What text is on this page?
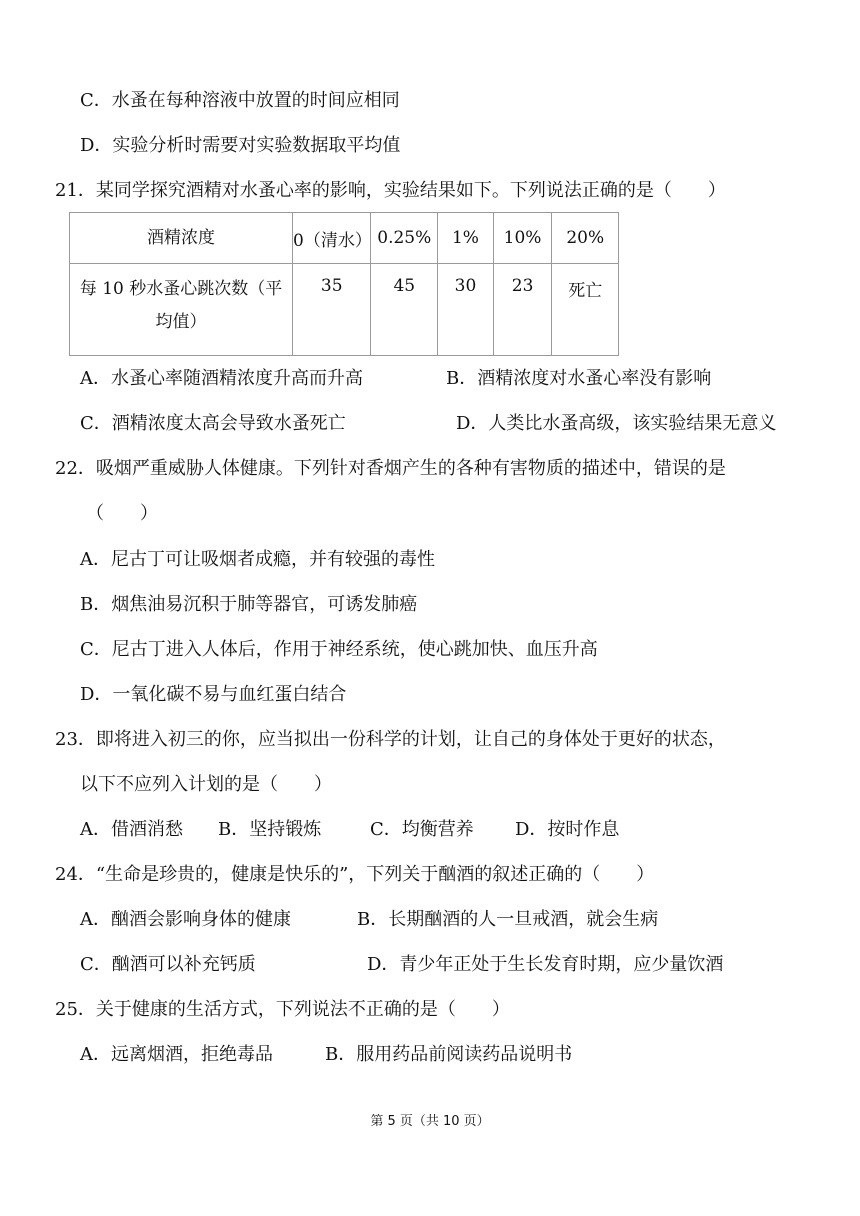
C．水蚤在每种溶液中放置的时间应相同
D．实验分析时需要对实验数据取平均值
21．某同学探究酒精对水蚤心率的影响，实验结果如下。下列说法正确的是（　　）
酒精浓度	0（清水）	0.25%	1%	10%	20%

每 10 秒水蚤心跳次数（平
均值）	35	45	30	23	死亡
A．水蚤心率随酒精浓度升高而升高	B．酒精浓度对水蚤心率没有影响
C．酒精浓度太高会导致水蚤死亡	D．人类比水蚤高级，该实验结果无意义
22．吸烟严重威胁人体健康。下列针对香烟产生的各种有害物质的描述中，错误的是
（　　）
A．尼古丁可让吸烟者成瘾，并有较强的毒性
B．烟焦油易沉积于肺等器官，可诱发肺癌
C．尼古丁进入人体后，作用于神经系统，使心跳加快、血压升高
D．一氧化碳不易与血红蛋白结合
23．即将进入初三的你，应当拟出一份科学的计划，让自己的身体处于更好的状态，
以下不应列入计划的是（　　）
A．借酒消愁 B．坚持锻炼	C．均衡营养 D．按时作息
24．“生命是珍贵的，健康是快乐的”，下列关于酗酒的叙述正确的（　　）
A．酗酒会影响身体的健康	B．长期酗酒的人一旦戒酒，就会生病
C．酗酒可以补充钙质	D．青少年正处于生长发育时期，应少量饮酒
25．关于健康的生活方式，下列说法不正确的是（　　）
A．远离烟酒，拒绝毒品	B．服用药品前阅读药品说明书
第 5 页（共 10 页）
